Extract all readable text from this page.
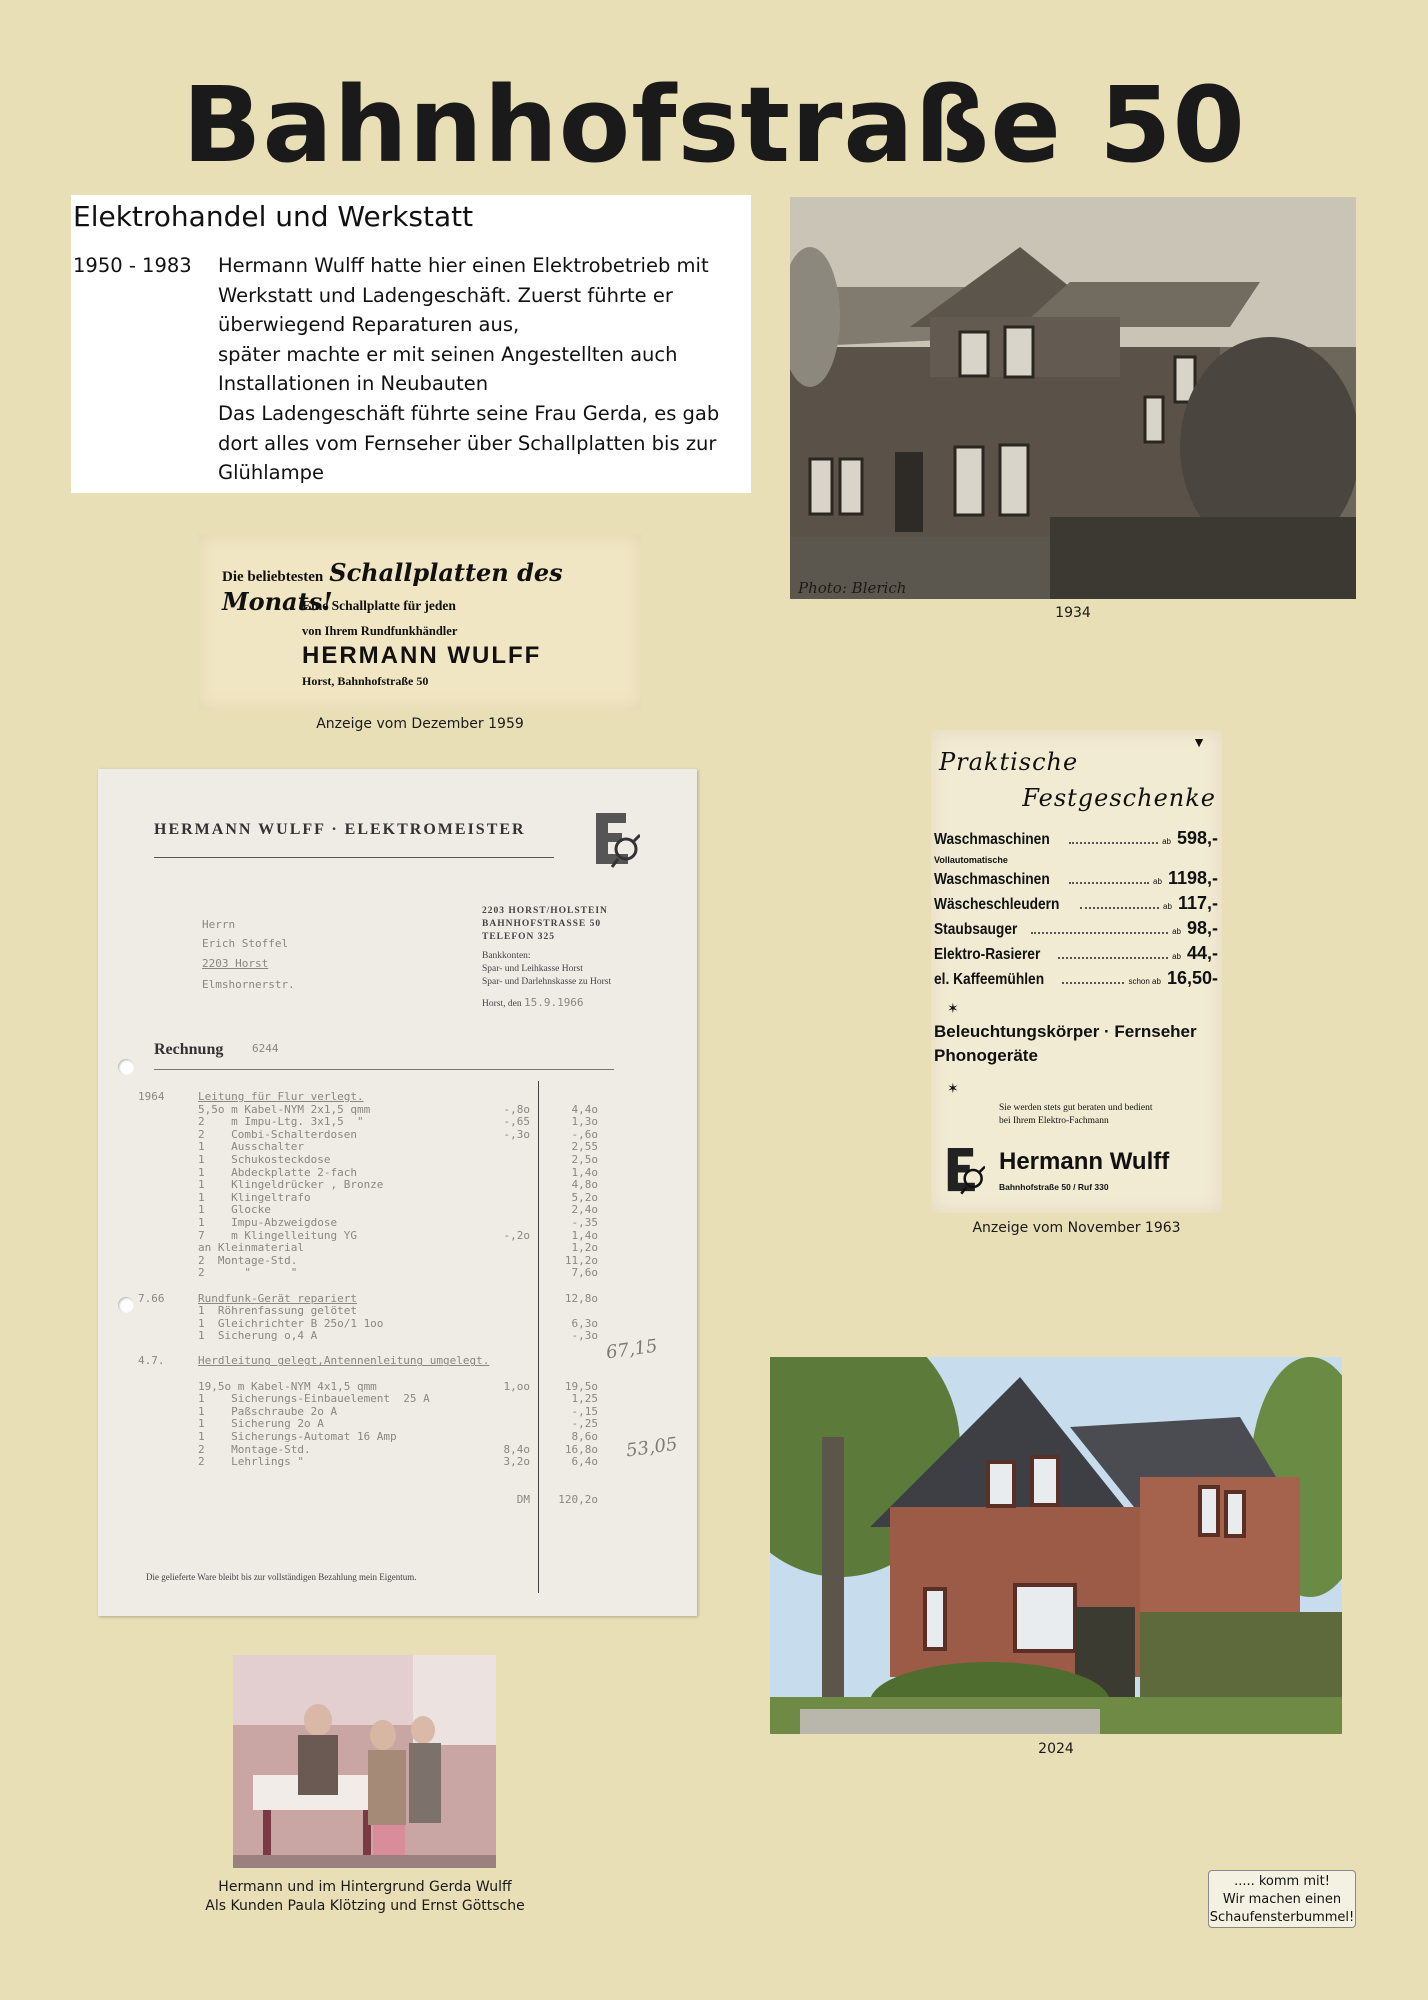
Bahnhofstraße 50
Elektrohandel und Werkstatt
1950 - 1983	Hermann Wulff hatte hier einen Elektrobetrieb mit
Werkstatt und Ladengeschäft. Zuerst führte er
überwiegend Reparaturen aus,
später machte er mit seinen Angestellten auch
Installationen in Neubauten
Das Ladengeschäft führte seine Frau Gerda, es gab
dort alles vom Fernseher über Schallplatten bis zur
Glühlampe
Photo: Blerich
1934
Die beliebtesten Schallplatten des Monats!
Eine Schallplatte für jeden
von Ihrem Rundfunkhändler
HERMANN WULFF
Horst, Bahnhofstraße 50
Anzeige vom Dezember 1959
HERMANN WULFF · ELEKTROMEISTER
Herrn
Erich Stoffel
2203 Horst
Elmshornerstr.
2203 HORST/HOLSTEIN
BAHNHOFSTRASSE 50
TELEFON 325
Bankkonten:
Spar- und Leihkasse Horst
Spar- und Darlehnskasse zu Horst
Horst, den 15.9.1966
Rechnung	6244
1964	Leitung für Flur verlegt.
5,5o m Kabel-NYM 2x1,5 qmm	-,8o	4,4o
2    m Impu-Ltg. 3x1,5  "	-,65	1,3o
2    Combi-Schalterdosen	-,3o	-,6o
1    Ausschalter	2,55
1    Schukosteckdose	2,5o
1    Abdeckplatte 2-fach	1,4o
1    Klingeldrücker , Bronze	4,8o
1    Klingeltrafo	5,2o
1    Glocke	2,4o
1    Impu-Abzweigdose	-,35
7    m Klingelleitung YG	-,2o	1,4o
an Kleinmaterial	1,2o
2  Montage-Std.	11,2o
2      "      "	7,6o
7.66	Rundfunk-Gerät repariert	12,8o
1  Röhrenfassung gelötet
1  Gleichrichter B 25o/1 1oo	6,3o
1  Sicherung o,4 A	-,3o
4.7.	Herdleitung gelegt,Antennenleitung umgelegt.
19,5o m Kabel-NYM 4x1,5 qmm	1,oo	19,5o
1    Sicherungs-Einbauelement  25 A	1,25
1    Paßschraube 2o A	-,15
1    Sicherung 2o A	-,25
1    Sicherungs-Automat 16 Amp	8,6o
2    Montage-Std.	8,4o	16,8o
2    Lehrlings "	3,2o	6,4o
DM	120,2o
67,15
53,05
Die gelieferte Ware bleibt bis zur vollständigen Bezahlung mein Eigentum.
▼
Praktische
Festgeschenke
Vollautomatische
Waschmaschinen	ab 598,-
Waschmaschinen	ab 1198,-
Wäscheschleudern	ab 117,-
Staubsauger	ab 98,-
Elektro-Rasierer	ab 44,-
el. Kaffeemühlen	schon ab 16,50-
✶
Beleuchtungskörper · Fernseher
Phonogeräte
✶
Sie werden stets gut beraten und bedient
bei Ihrem Elektro-Fachmann
Hermann Wulff
Bahnhofstraße 50 / Ruf 330
Anzeige vom November 1963
2024
Hermann und im Hintergrund Gerda Wulff
Als Kunden Paula Klötzing und Ernst Göttsche
..... komm mit!
Wir machen einen
Schaufensterbummel!
